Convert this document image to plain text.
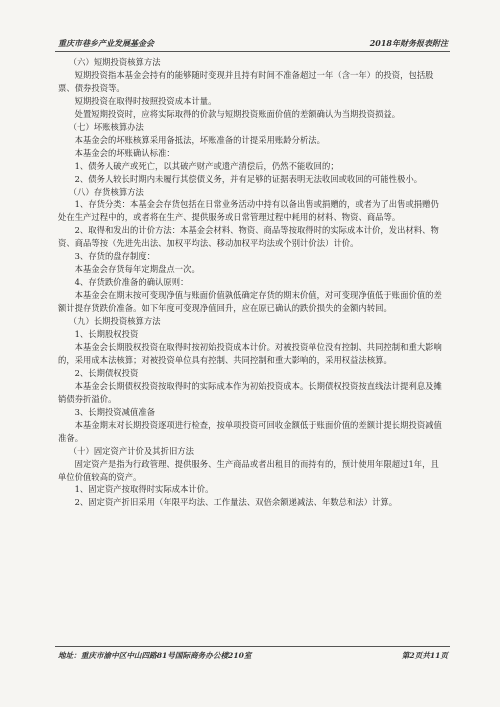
重庆市巷乡产业发展基金会	2018年财务报表附注

（六）短期投资核算方法

短期投资指本基金会持有的能够随时变现并且持有时间不准备超过一年（含一年）的投资，包括股票、债券投资等。

短期投资在取得时按照投资成本计量。

处置短期投资时，应将实际取得的价款与短期投资账面价值的差额确认为当期投资损益。

（七）坏账核算办法

本基金会的坏账核算采用备抵法，坏账准备的计提采用账龄分析法。

本基金会的坏账确认标准：

1、债务人破产或死亡，以其破产财产或遗产清偿后，仍然不能收回的；

2、债务人较长时期内未履行其偿债义务，并有足够的证据表明无法收回或收回的可能性极小。

（八）存货核算方法

1、存货分类：本基金会存货包括在日常业务活动中持有以备出售或捐赠的，或者为了出售或捐赠仍处在生产过程中的，或者将在生产、提供服务或日常管理过程中耗用的材料、物资、商品等。

2、取得和发出的计价方法：本基金会材料、物资、商品等按取得时的实际成本计价，发出材料、物资、商品等按（先进先出法、加权平均法、移动加权平均法或个别计价法）计价。

3、存货的盘存制度：

本基金会存货每年定期盘点一次。

4、存货跌价准备的确认原则：

本基金会在期末按可变现净值与账面价值孰低确定存货的期末价值，对可变现净值低于账面价值的差额计提存货跌价准备。如下年度可变现净值回升，应在原已确认的跌价损失的金额内转回。

（九）长期投资核算方法

1、长期股权投资

本基金会长期股权投资在取得时按初始投资成本计价。对被投资单位没有控制、共同控制和重大影响的，采用成本法核算；对被投资单位具有控制、共同控制和重大影响的，采用权益法核算。

2、长期债权投资

本基金会长期债权投资按取得时的实际成本作为初始投资成本。长期债权投资按直线法计提利息及摊销债券折溢价。

3、长期投资减值准备

本基金期末对长期投资逐项进行检查，按单项投资可回收金额低于账面价值的差额计提长期投资减值准备。

（十）固定资产计价及其折旧方法

固定资产是指为行政管理、提供服务、生产商品或者出租目的而持有的，预计使用年限超过1年，且单位价值较高的资产。

1、固定资产按取得时实际成本计价。

2、固定资产折旧采用（年限平均法、工作量法、双倍余额递减法、年数总和法）计算。

地址：重庆市渝中区中山四路81号国际商务办公楼210室	第2页共11页
